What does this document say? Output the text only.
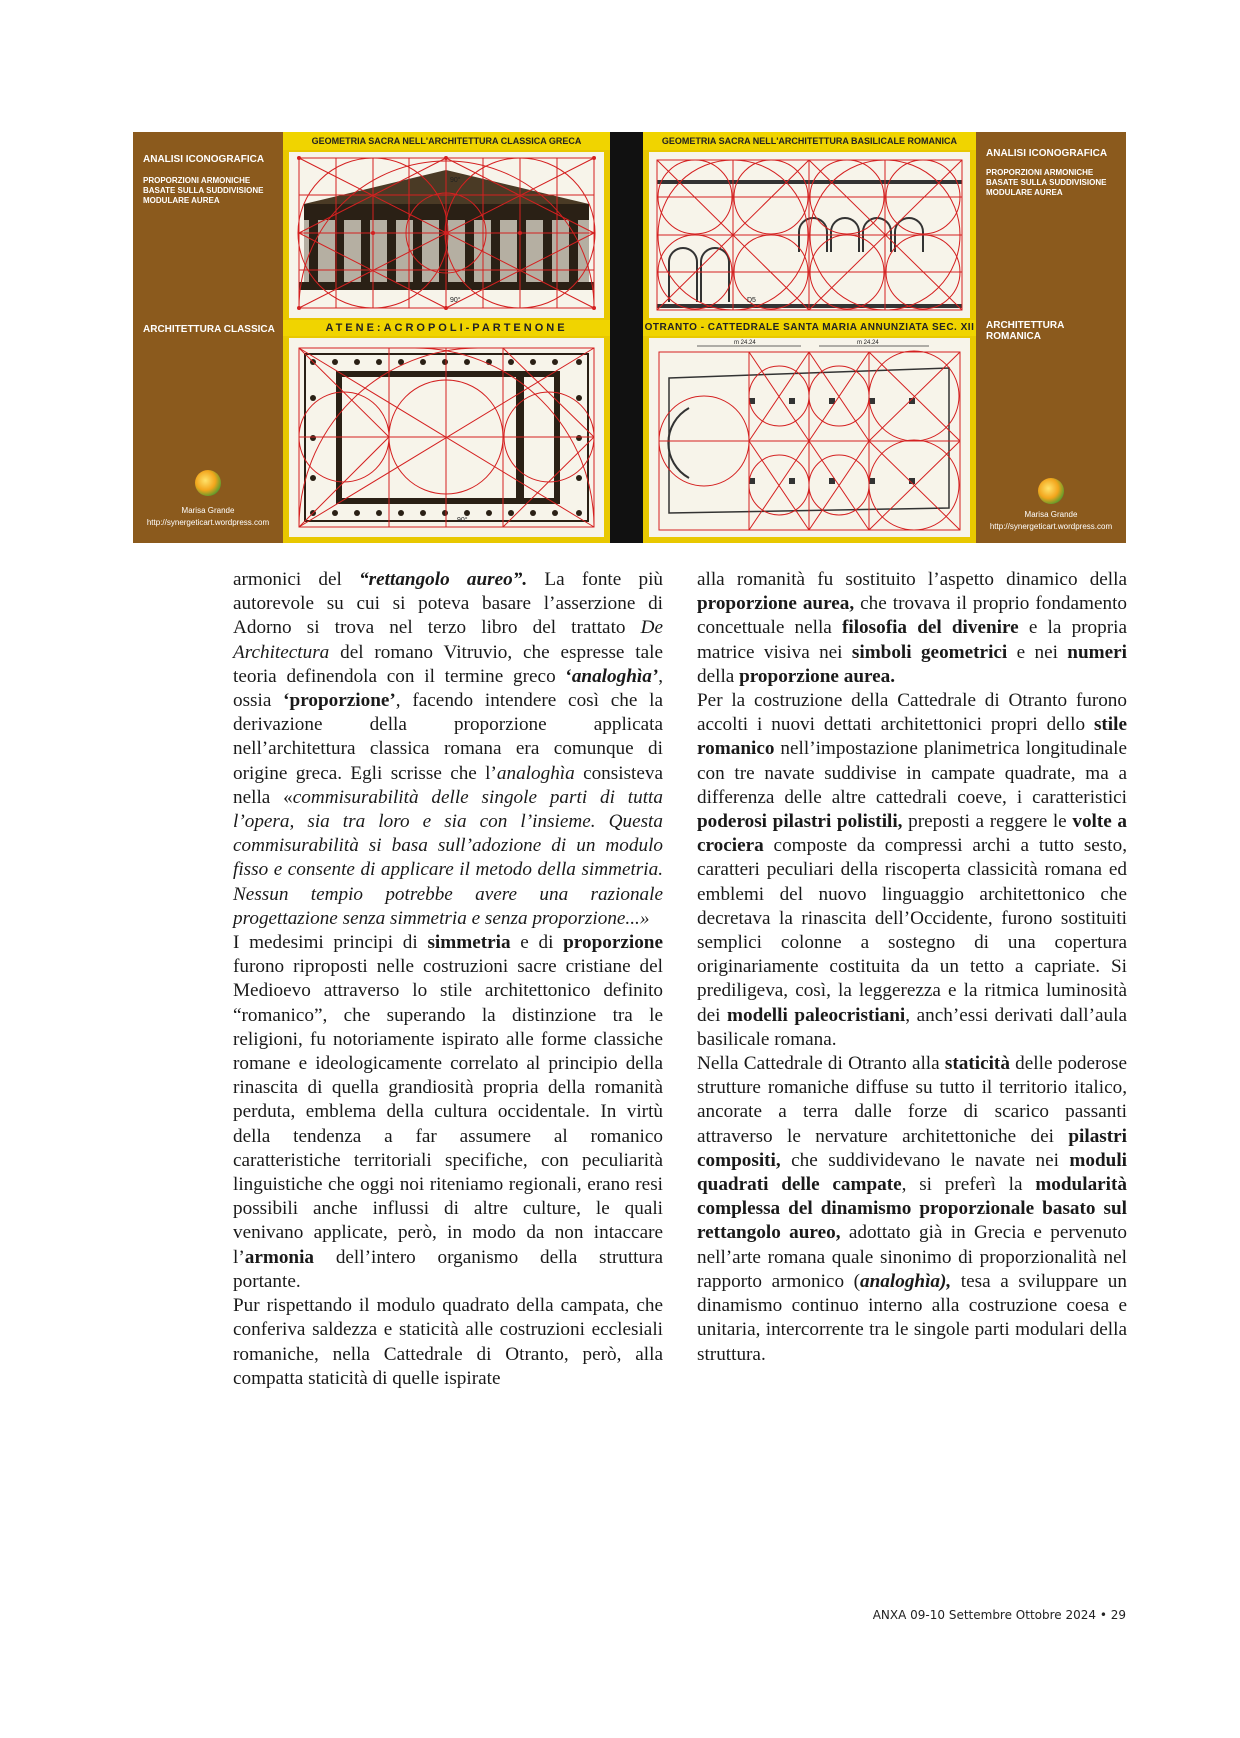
ANALISI ICONOGRAFICA
PROPORZIONI ARMONICHE BASATE SULLA SUDDIVISIONE MODULARE AUREA
ARCHITETTURA CLASSICA
Marisa Grande
http://synergeticart.wordpress.com
GEOMETRIA SACRA NELL'ARCHITETTURA CLASSICA GRECA
90°
90°
ATENE:ACROPOLI-PARTENONE
90°
GEOMETRIA SACRA NELL'ARCHITETTURA BASILICALE ROMANICA
D5
OTRANTO - CATTEDRALE SANTA MARIA ANNUNZIATA SEC. XII
m 24.24	m 24.24
ANALISI ICONOGRAFICA
PROPORZIONI ARMONICHE BASATE SULLA SUDDIVISIONE MODULARE AUREA
ARCHITETTURA ROMANICA
Marisa Grande
http://synergeticart.wordpress.com

armonici del “rettangolo aureo”. La fonte più autorevole su cui si poteva basare l’asserzione di Adorno si trova nel terzo libro del trattato De Architectura del romano Vitruvio, che espresse tale teoria definendola con il termine greco ‘analoghìa’, ossia ‘proporzione’, facendo intendere così che la derivazione della proporzione applicata nell’architettura classica romana era comunque di origine greca. Egli scrisse che l’analoghìa consisteva nella «commisurabilità delle singole parti di tutta l’opera, sia tra loro e sia con l’insieme. Questa commisurabilità si basa sull’adozione di un modulo fisso e consente di applicare il metodo della simmetria. Nessun tempio potrebbe avere una razionale progettazione senza simmetria e senza proporzione...»

I medesimi principi di simmetria e di proporzione furono riproposti nelle costruzioni sacre cristiane del Medioevo attraverso lo stile architettonico definito “romanico”, che superando la distinzione tra le religioni, fu notoriamente ispirato alle forme classiche romane e ideologicamente correlato al principio della rinascita di quella grandiosità propria della romanità perduta, emblema della cultura occidentale. In virtù della tendenza a far assumere al romanico caratteristiche territoriali specifiche, con peculiarità linguistiche che oggi noi riteniamo regionali, erano resi possibili anche influssi di altre culture, le quali venivano applicate, però, in modo da non intaccare l’armonia dell’intero organismo della struttura portante.

Pur rispettando il modulo quadrato della campata, che conferiva saldezza e staticità alle costruzioni ecclesiali romaniche, nella Cattedrale di Otranto, però, alla compatta staticità di quelle ispirate

alla romanità fu sostituito l’aspetto dinamico della proporzione aurea, che trovava il proprio fondamento concettuale nella filosofia del divenire e la propria matrice visiva nei simboli geometrici e nei numeri della proporzione aurea.

Per la costruzione della Cattedrale di Otranto furono accolti i nuovi dettati architettonici propri dello stile romanico nell’impostazione planimetrica longitudinale con tre navate suddivise in campate quadrate, ma a differenza delle altre cattedrali coeve, i caratteristici poderosi pilastri polistili, preposti a reggere le volte a crociera composte da compressi archi a tutto sesto, caratteri peculiari della riscoperta classicità romana ed emblemi del nuovo linguaggio architettonico che decretava la rinascita dell’Occidente, furono sostituiti semplici colonne a sostegno di una copertura originariamente costituita da un tetto a capriate. Si prediligeva, così, la leggerezza e la ritmica luminosità dei modelli paleocristiani, anch’essi derivati dall’aula basilicale romana.

Nella Cattedrale di Otranto alla staticità delle poderose strutture romaniche diffuse su tutto il territorio italico, ancorate a terra dalle forze di scarico passanti attraverso le nervature architettoniche dei pilastri compositi, che suddividevano le navate nei moduli quadrati delle campate, si preferì la modularità complessa del dinamismo proporzionale basato sul rettangolo aureo, adottato già in Grecia e pervenuto nell’arte romana quale sinonimo di proporzionalità nel rapporto armonico (analoghìa), tesa a sviluppare un dinamismo continuo interno alla costruzione coesa e unitaria, intercorrente tra le singole parti modulari della struttura.

ANXA 09-10 Settembre Ottobre 2024 • 29
